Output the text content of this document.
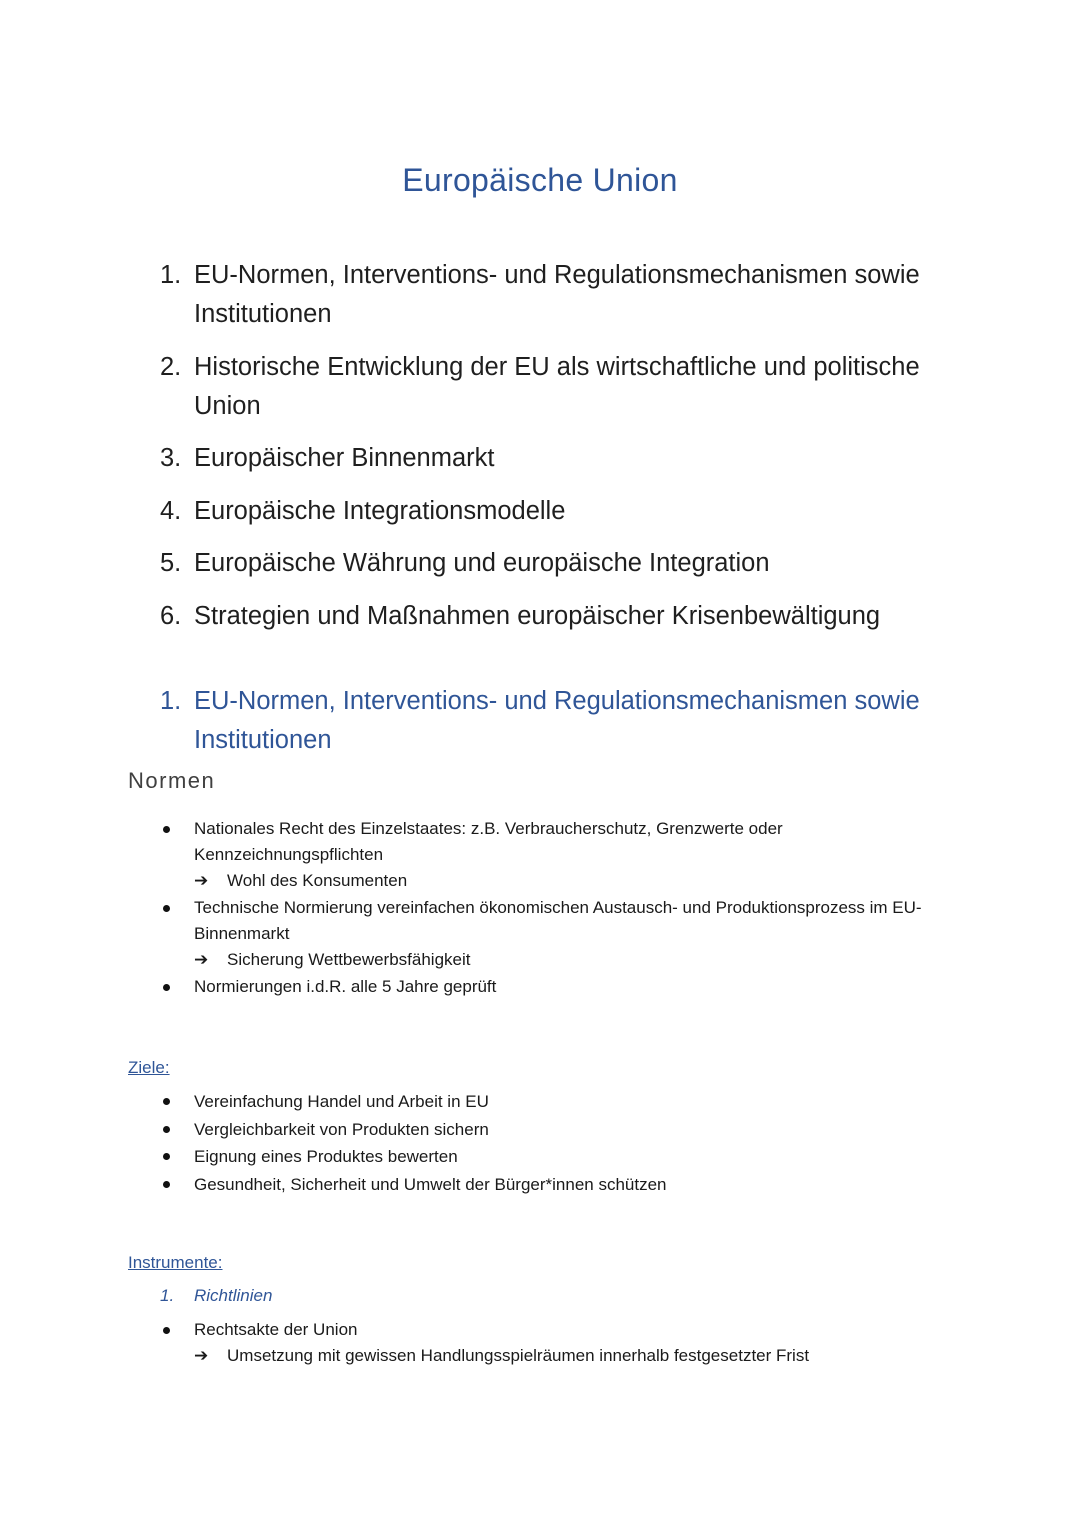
Europäische Union
1. EU-Normen, Interventions- und Regulationsmechanismen sowie Institutionen
2. Historische Entwicklung der EU als wirtschaftliche und politische Union
3. Europäischer Binnenmarkt
4. Europäische Integrationsmodelle
5. Europäische Währung und europäische Integration
6. Strategien und Maßnahmen europäischer Krisenbewältigung
1. EU-Normen, Interventions- und Regulationsmechanismen sowie Institutionen
Normen
Nationales Recht des Einzelstaates: z.B. Verbraucherschutz, Grenzwerte oder Kennzeichnungspflichten
➔ Wohl des Konsumenten
Technische Normierung vereinfachen ökonomischen Austausch- und Produktionsprozess im EU-Binnenmarkt
➔ Sicherung Wettbewerbsfähigkeit
Normierungen i.d.R. alle 5 Jahre geprüft

Ziele:

Vereinfachung Handel und Arbeit in EU
Vergleichbarkeit von Produkten sichern
Eignung eines Produktes bewerten
Gesundheit, Sicherheit und Umwelt der Bürger*innen schützen

Instrumente:

1. Richtlinien
Rechtsakte der Union
➔ Umsetzung mit gewissen Handlungsspielräumen innerhalb festgesetzter Frist
